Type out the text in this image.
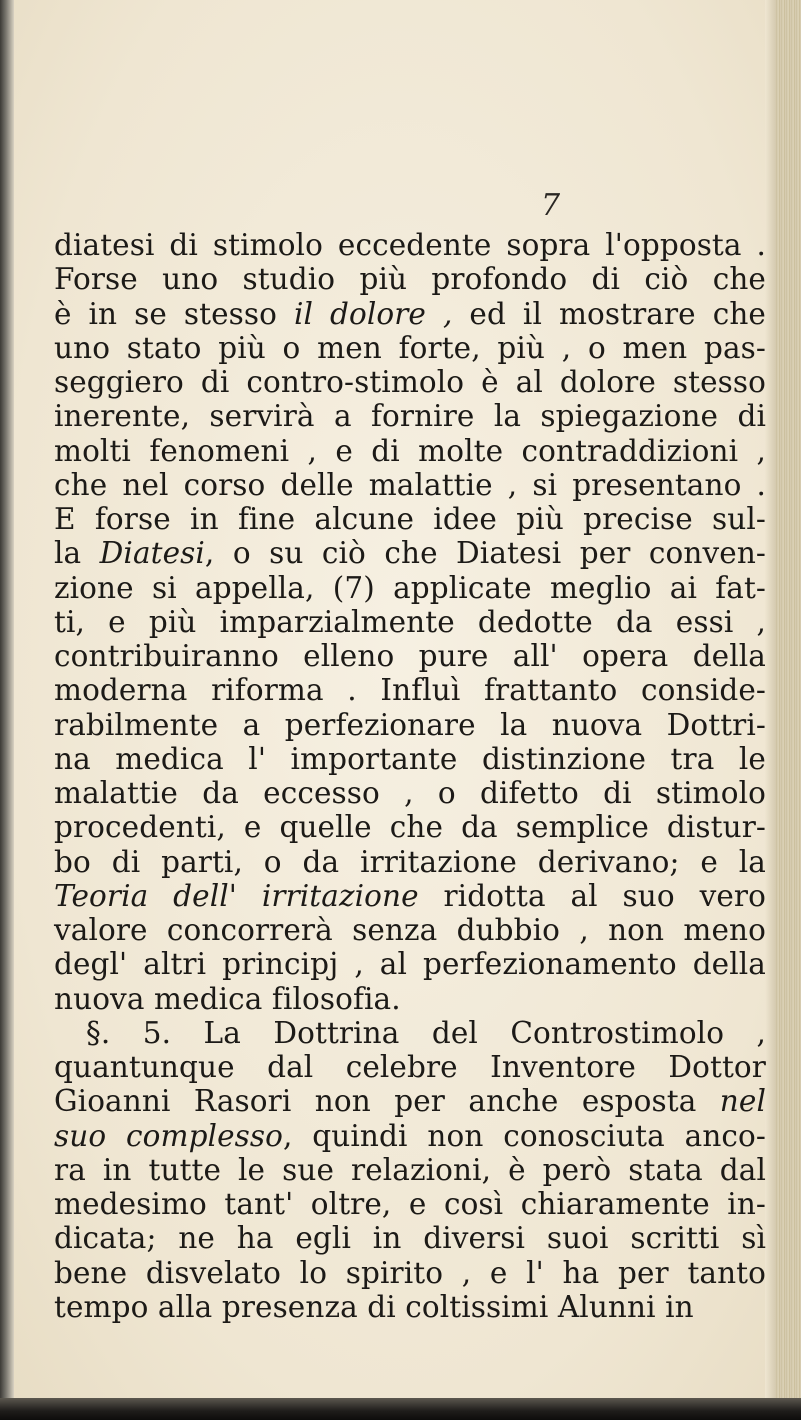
7

diatesi di stimolo eccedente sopra l'opposta .
Forse uno studio più profondo di ciò che
è in se stesso il dolore , ed il mostrare che
uno stato più o men forte, più , o men pas-
seggiero di contro-stimolo è al dolore stesso
inerente, servirà a fornire la spiegazione di
molti fenomeni , e di molte contraddizioni ,
che nel corso delle malattie , si presentano .
E forse in fine alcune idee più precise sul-
la Diatesi, o su ciò che Diatesi per conven-
zione si appella, (7) applicate meglio ai fat-
ti, e più imparzialmente dedotte da essi ,
contribuiranno elleno pure all' opera della
moderna riforma . Influì frattanto conside-
rabilmente a perfezionare la nuova Dottri-
na medica l' importante distinzione tra le
malattie da eccesso , o difetto di stimolo
procedenti, e quelle che da semplice distur-
bo di parti, o da irritazione derivano; e la
Teoria dell' irritazione ridotta al suo vero
valore concorrerà senza dubbio , non meno
degl' altri principj , al perfezionamento della
nuova medica filosofia.
§. 5. La Dottrina del Controstimolo ,
quantunque dal celebre Inventore Dottor
Gioanni Rasori non per anche esposta nel
suo complesso, quindi non conosciuta anco-
ra in tutte le sue relazioni, è però stata dal
medesimo tant' oltre, e così chiaramente in-
dicata; ne ha egli in diversi suoi scritti sì
bene disvelato lo spirito , e l' ha per tanto
tempo alla presenza di coltissimi Alunni in
